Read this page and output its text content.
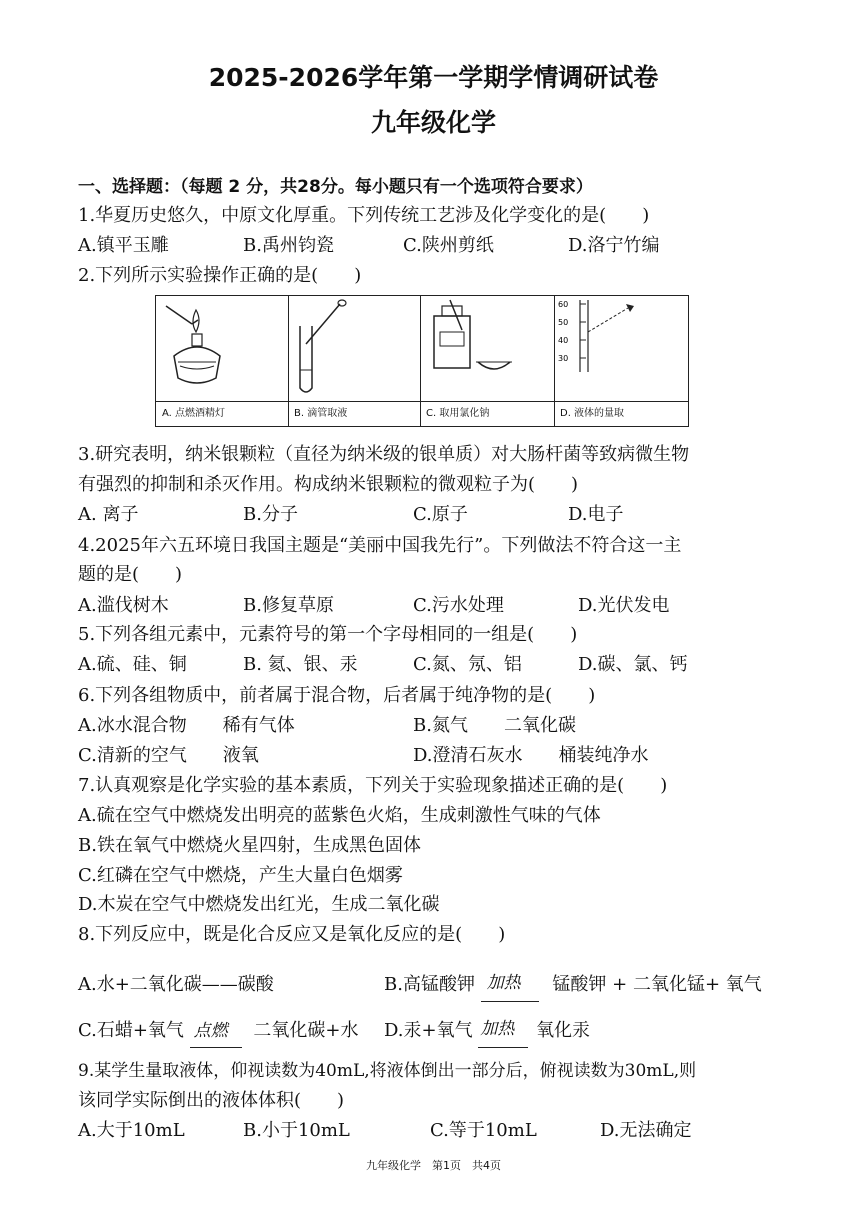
2025-2026学年第一学期学情调研试卷
九年级化学
一、选择题：（每题 2 分，共28分。每小题只有一个选项符合要求）
1.华夏历史悠久，中原文化厚重。下列传统工艺涉及化学变化的是(　　)
A.镇平玉雕	B.禹州钧瓷	C.陕州剪纸	D.洛宁竹编
2.下列所示实验操作正确的是(　　)
A. 点燃酒精灯	B. 滴管取液	C. 取用氯化钠
60
50
40
30
D. 液体的量取
3.研究表明，纳米银颗粒（直径为纳米级的银单质）对大肠杆菌等致病微生物
有强烈的抑制和杀灭作用。构成纳米银颗粒的微观粒子为(　　)
A. 离子	B.分子	C.原子	D.电子
4.2025年六五环境日我国主题是“美丽中国我先行”。下列做法不符合这一主
题的是(　　)
A.滥伐树木	B.修复草原	C.污水处理	D.光伏发电
5.下列各组元素中，元素符号的第一个字母相同的一组是(　　)
A.硫、硅、铜	B. 氦、银、汞	C.氮、氖、铝	D.碳、氯、钙
6.下列各组物质中，前者属于混合物，后者属于纯净物的是(　　)
A.冰水混合物　　稀有气体	B.氮气　　二氧化碳
C.清新的空气　　液氧	D.澄清石灰水　　桶装纯净水
7.认真观察是化学实验的基本素质，下列关于实验现象描述正确的是(　　)
A.硫在空气中燃烧发出明亮的蓝紫色火焰，生成刺激性气味的气体
B.铁在氧气中燃烧火星四射，生成黑色固体
C.红磷在空气中燃烧，产生大量白色烟雾
D.木炭在空气中燃烧发出红光，生成二氧化碳
8.下列反应中，既是化合反应又是氧化反应的是(　　)
A.水+二氧化碳——碳酸	B.高锰酸钾 加热 锰酸钾 + 二氧化锰+ 氧气
C.石蜡+氧气 点燃 二氧化碳+水 D.汞+氧气 加热 氧化汞
9.某学生量取液体，仰视读数为40mL,将液体倒出一部分后，俯视读数为30mL,则
该同学实际倒出的液体体积(　　)
A.大于10mL	B.小于10mL	C.等于10mL	D.无法确定
九年级化学　第1页　共4页
